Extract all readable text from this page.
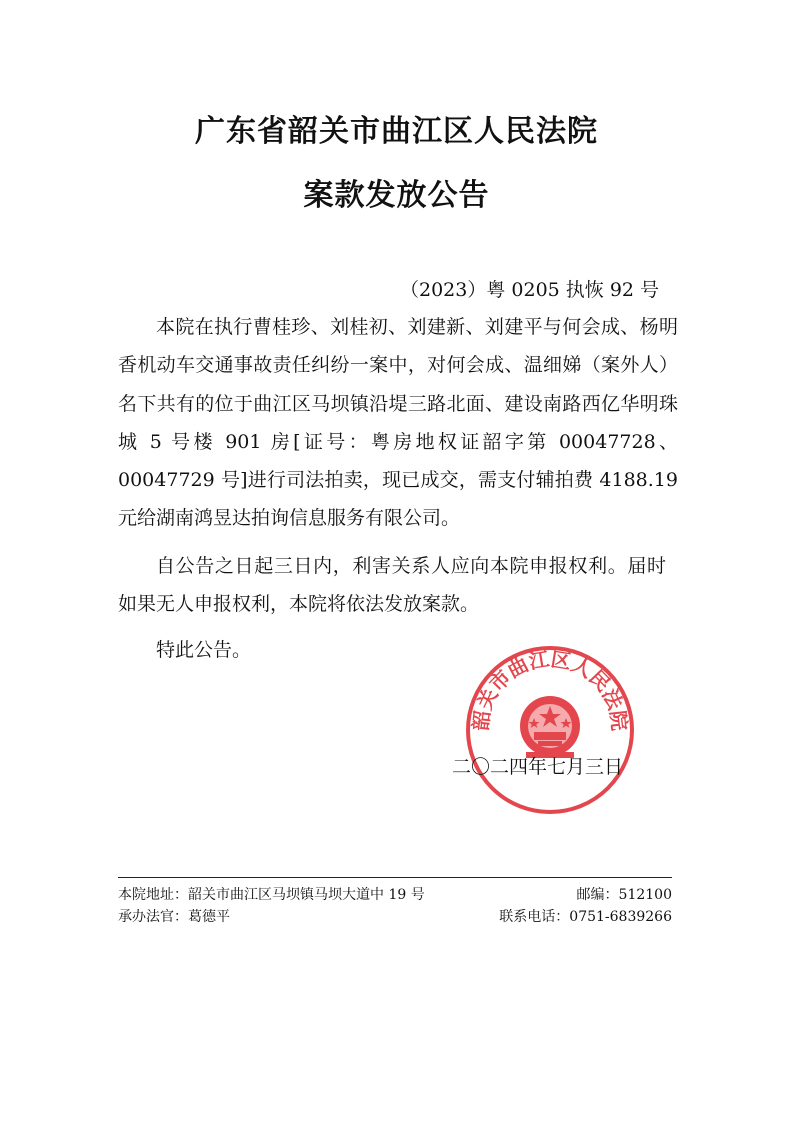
广东省韶关市曲江区人民法院
案款发放公告
（2023）粤 0205 执恢 92 号

本院在执行曹桂珍、刘桂初、刘建新、刘建平与何会成、杨明香机动车交通事故责任纠纷一案中，对何会成、温细娣（案外人）名下共有的位于曲江区马坝镇沿堤三路北面、建设南路西亿华明珠城 5 号楼 901 房[证号：粤房地权证韶字第 00047728、00047729 号]进行司法拍卖，现已成交，需支付辅拍费 4188.19 元给湖南鸿昱达拍询信息服务有限公司。

自公告之日起三日内，利害关系人应向本院申报权利。届时如果无人申报权利，本院将依法发放案款。

特此公告。

韶关市曲江区人民法院
二〇二四年七月三日
本院地址：韶关市曲江区马坝镇马坝大道中 19 号	邮编：512100
承办法官：葛德平	联系电话：0751-6839266
